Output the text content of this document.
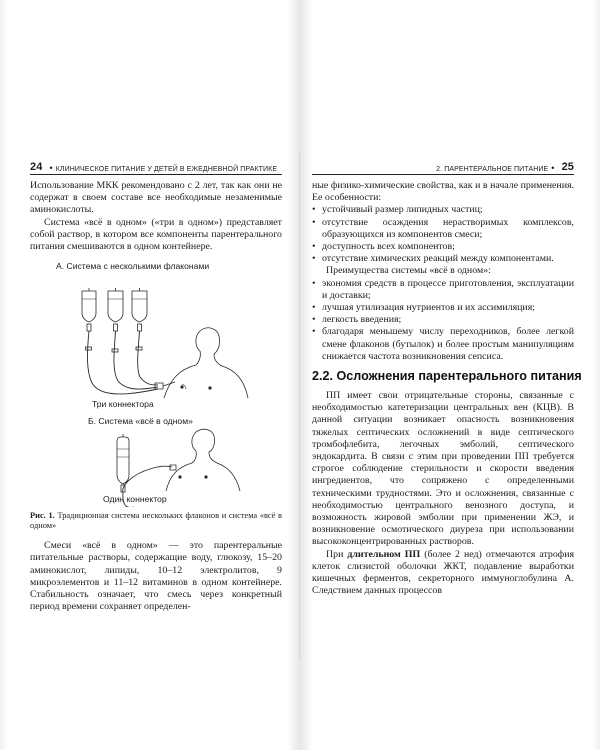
24 • КЛИНИЧЕСКОЕ ПИТАНИЕ У ДЕТЕЙ В ЕЖЕДНЕВНОЙ ПРАКТИКЕ

Использование МКК рекомендовано с 2 лет, так как они не содержат в своем составе все необходимые незаменимые аминокислоты.

Система «всё в одном» («три в одном») представляет собой раствор, в котором все компоненты парентерального питания смешиваются в одном контейнере.

А. Система с несколькими флаконами
Три коннектора
Б. Система «всё в одном»
Один коннектор

Рис. 1. Традиционная система нескольких флаконов и система «всё в одном»

Смеси «всё в одном» — это парентеральные питательные растворы, содержащие воду, глюкозу, 15–20 аминокислот, липиды, 10–12 электролитов, 9 микроэлементов и 11–12 витаминов в одном контейнере. Стабильность означает, что смесь через конкретный период времени сохраняет определен-

2. ПАРЕНТЕРАЛЬНОЕ ПИТАНИЕ • 25

ные физико-химические свойства, как и в начале применения. Ее особенности:

• устойчивый размер липидных частиц;
• отсутствие осаждения нерастворимых комплексов, образующихся из компонентов смеси;
• доступность всех компонентов;
• отсутствие химических реакций между компонентами.

Преимущества системы «всё в одном»:

• экономия средств в процессе приготовления, эксплуатации и доставки;
• лучшая утилизация нутриентов и их ассимиляция;
• легкость введения;
• благодаря меньшему числу переходников, более легкой смене флаконов (бутылок) и более простым манипуляциям снижается частота возникновения сепсиса.
2.2. Осложнения парентерального питания

ПП имеет свои отрицательные стороны, связанные с необходимостью катетеризации центральных вен (КЦВ). В данной ситуации возникает опасность возникновения тяжелых септических осложнений в виде септического тромбофлебита, легочных эмболий, септического эндокардита. В связи с этим при проведении ПП требуется строгое соблюдение стерильности и скорости введения ингредиентов, что сопряжено с определенными техническими трудностями. Это и осложнения, связанные с необходимостью центрального венозного доступа, и возможность жировой эмболии при применении ЖЭ, и возникновение осмотического диуреза при использовании высококонцентрированных растворов.

При длительном ПП (более 2 нед) отмечаются атрофия клеток слизистой оболочки ЖКТ, подавление выработки кишечных ферментов, секреторного иммуноглобулина А. Следствием данных процессов
